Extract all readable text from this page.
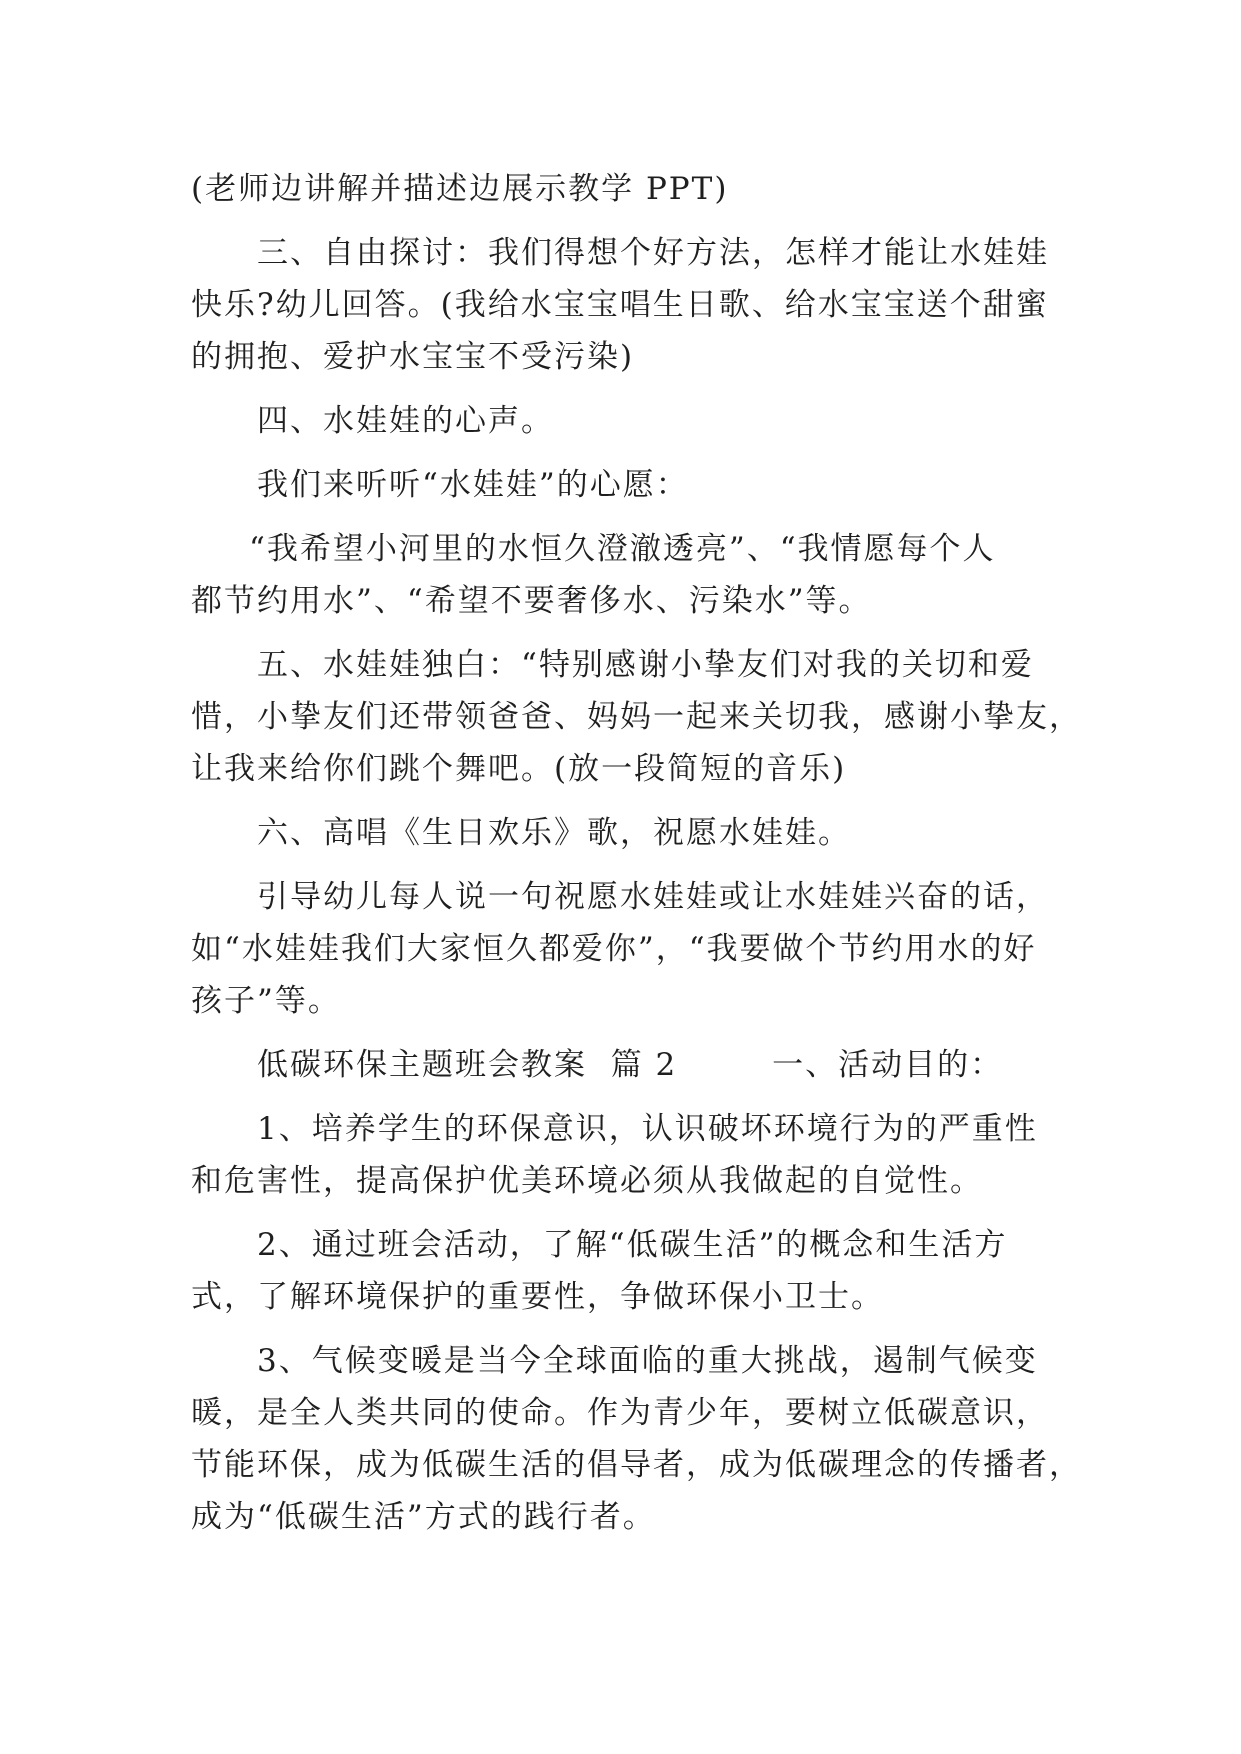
(老师边讲解并描述边展示教学 PPT)
三、自由探讨：我们得想个好方法，怎样才能让水娃娃
快乐?幼儿回答。(我给水宝宝唱生日歌、给水宝宝送个甜蜜
的拥抱、爱护水宝宝不受污染)
四、水娃娃的心声。
我们来听听“水娃娃”的心愿：
“我希望小河里的水恒久澄澈透亮”、“我情愿每个人
都节约用水”、“希望不要奢侈水、污染水”等。
五、水娃娃独白：“特别感谢小挚友们对我的关切和爱
惜，小挚友们还带领爸爸、妈妈一起来关切我，感谢小挚友，
让我来给你们跳个舞吧。(放一段简短的音乐)
六、高唱《生日欢乐》歌，祝愿水娃娃。
引导幼儿每人说一句祝愿水娃娃或让水娃娃兴奋的话，
如“水娃娃我们大家恒久都爱你”，“我要做个节约用水的好
孩子”等。
低碳环保主题班会教案  篇 2        一、活动目的：
1、培养学生的环保意识，认识破坏环境行为的严重性
和危害性，提高保护优美环境必须从我做起的自觉性。
2、通过班会活动，了解“低碳生活”的概念和生活方
式，了解环境保护的重要性，争做环保小卫士。
3、气候变暖是当今全球面临的重大挑战，遏制气候变
暖，是全人类共同的使命。作为青少年，要树立低碳意识，
节能环保，成为低碳生活的倡导者，成为低碳理念的传播者，
成为“低碳生活”方式的践行者。
